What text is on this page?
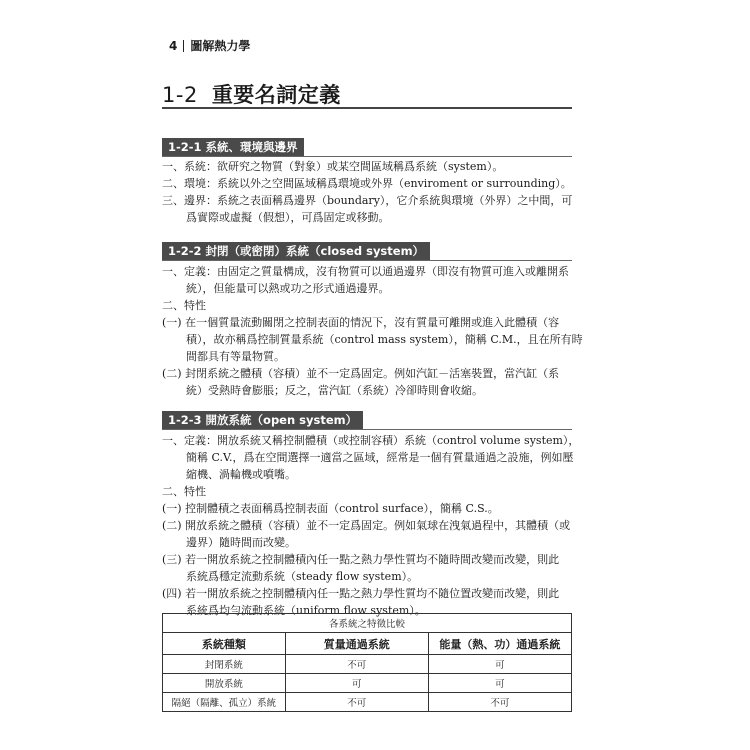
4 圖解熱力學
1-2 重要名詞定義
1-2-1 系統、環境與邊界
一、系統：欲研究之物質（對象）或某空間區域稱爲系統（system）。
二、環境：系統以外之空間區域稱爲環境或外界（enviroment or surrounding）。
三、邊界：系統之表面稱爲邊界（boundary），它介系統與環境（外界）之中間，可
爲實際或虛擬（假想），可爲固定或移動。
1-2-2 封閉（或密閉）系統（closed system）
一、定義：由固定之質量構成，沒有物質可以通過邊界（即沒有物質可進入或離開系
統），但能量可以熱或功之形式通過邊界。
二、特性
(一) 在一個質量流動關閉之控制表面的情況下，沒有質量可離開或進入此體積（容
積），故亦稱爲控制質量系統（control mass system），簡稱 C.M.，且在所有時
間都具有等量物質。
(二) 封閉系統之體積（容積）並不一定爲固定。例如汽缸－活塞裝置，當汽缸（系
統）受熱時會膨脹；反之，當汽缸（系統）冷卻時則會收縮。
1-2-3 開放系統（open system）
一、定義：開放系統又稱控制體積（或控制容積）系統（control volume system），
簡稱 C.V.，爲在空間選擇一適當之區域，經常是一個有質量通過之設施，例如壓
縮機、渦輪機或噴嘴。
二、特性
(一) 控制體積之表面稱爲控制表面（control surface），簡稱 C.S.。
(二) 開放系統之體積（容積）並不一定爲固定。例如氣球在洩氣過程中，其體積（或
邊界）隨時間而改變。
(三) 若一開放系統之控制體積內任一點之熱力學性質均不隨時間改變而改變，則此
系統爲穩定流動系統（steady flow system）。
(四) 若一開放系統之控制體積內任一點之熱力學性質均不隨位置改變而改變，則此
系統爲均勻流動系統（uniform flow system）。
各系統之特徵比較		
系統種類	質量通過系統	能量（熱、功）通過系統
封閉系統	不可	可
開放系統	可	可
隔絕（隔離、孤立）系統	不可	不可
